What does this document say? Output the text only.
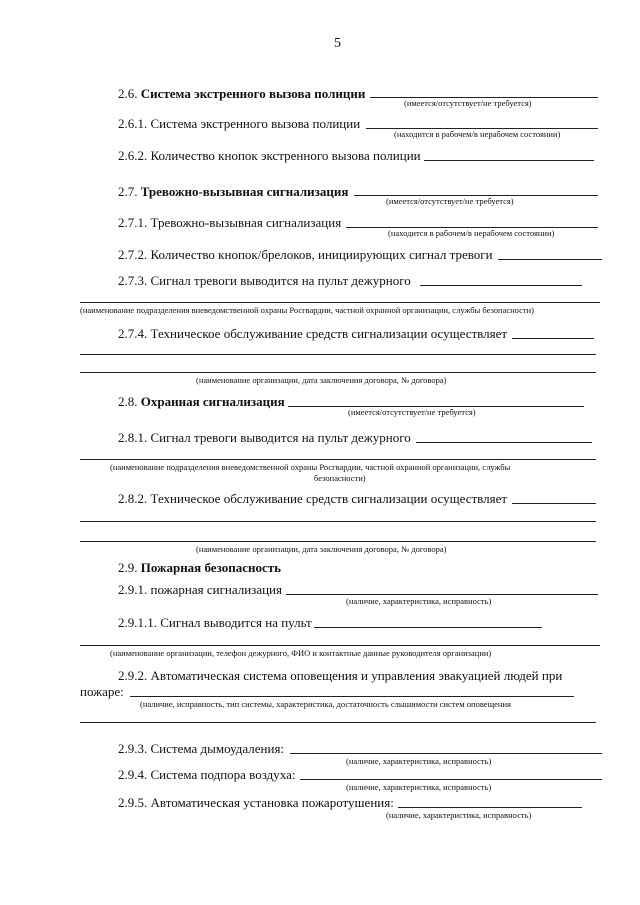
5
2.6. Система экстренного вызова полиции
(имеется/отсутствует/не требуется)
2.6.1. Система экстренного вызова полиции
(находится в рабочем/в нерабочем состоянии)
2.6.2. Количество кнопок экстренного вызова полиции
2.7. Тревожно-вызывная сигнализация
(имеется/отсутствует/не требуется)
2.7.1. Тревожно-вызывная сигнализация
(находится в рабочем/в нерабочем состоянии)
2.7.2. Количество кнопок/брелоков, инициирующих сигнал тревоги
2.7.3. Сигнал тревоги выводится на пульт дежурного
(наименование подразделения вневедомственной охраны Росгвардии, частной охранной организации, службы безопасности)
2.7.4. Техническое обслуживание средств сигнализации осуществляет
(наименование организации, дата заключения договора, № договора)
2.8. Охранная сигнализация
(имеется/отсутствует/не требуется)
2.8.1. Сигнал тревоги выводится на пульт дежурного
(наименование подразделения вневедомственной охраны Росгвардии, частной охранной организации, службы
безопасности)
2.8.2. Техническое обслуживание средств сигнализации осуществляет
(наименование организации, дата заключения договора, № договора)
2.9. Пожарная безопасность
2.9.1. пожарная сигнализация
(наличие, характеристика, исправность)
2.9.1.1. Сигнал выводится на пульт
(наименование организации, телефон дежурного, ФИО и контактные данные руководителя организации)
2.9.2. Автоматическая система оповещения и управления эвакуацией людей при
пожаре:
(наличие, исправность, тип системы, характеристика, достаточность слышимости систем оповещения
2.9.3. Система дымоудаления:
(наличие, характеристика, исправность)
2.9.4. Система подпора воздуха:
(наличие, характеристика, исправность)
2.9.5. Автоматическая установка пожаротушения:
(наличие, характеристика, исправность)
